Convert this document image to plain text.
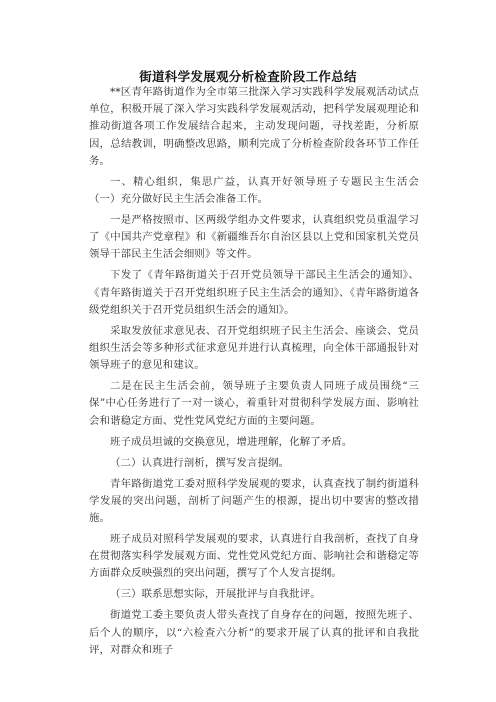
街道科学发展观分析检查阶段工作总结

**区青年路街道作为全市第三批深入学习实践科学发展观活动试点单位，积极开展了深入学习实践科学发展观活动，把科学发展观理论和推动街道各项工作发展结合起来，主动发现问题，寻找差距，分析原因，总结教训，明确整改思路，顺利完成了分析检查阶段各环节工作任务。

一、精心组织，集思广益，认真开好领导班子专题民主生活会（一）充分做好民主生活会准备工作。

一是严格按照市、区两级学组办文件要求，认真组织党员重温学习了《中国共产党章程》和《新疆维吾尔自治区县以上党和国家机关党员领导干部民主生活会细则》等文件。

下发了《青年路街道关于召开党员领导干部民主生活会的通知》、《青年路街道关于召开党组织班子民主生活会的通知》、《青年路街道各级党组织关于召开党员组织生活会的通知》。

采取发放征求意见表、召开党组织班子民主生活会、座谈会、党员组织生活会等多种形式征求意见并进行认真梳理，向全体干部通报针对领导班子的意见和建议。

二是在民主生活会前，领导班子主要负责人同班子成员围绕“三保”中心任务进行了一对一谈心，着重针对贯彻科学发展方面、影响社会和谐稳定方面、党性党风党纪方面的主要问题。

班子成员坦诚的交换意见，增进理解，化解了矛盾。

（二）认真进行剖析，撰写发言提纲。

青年路街道党工委对照科学发展观的要求，认真查找了制约街道科学发展的突出问题，剖析了问题产生的根源，提出切中要害的整改措施。

班子成员对照科学发展观的要求，认真进行自我剖析，查找了自身在贯彻落实科学发展观方面、党性党风党纪方面、影响社会和谐稳定等方面群众反映强烈的突出问题，撰写了个人发言提纲。

（三）联系思想实际，开展批评与自我批评。

街道党工委主要负责人带头查找了自身存在的问题，按照先班子、后个人的顺序，以“六检查六分析”的要求开展了认真的批评和自我批评，对群众和班子
